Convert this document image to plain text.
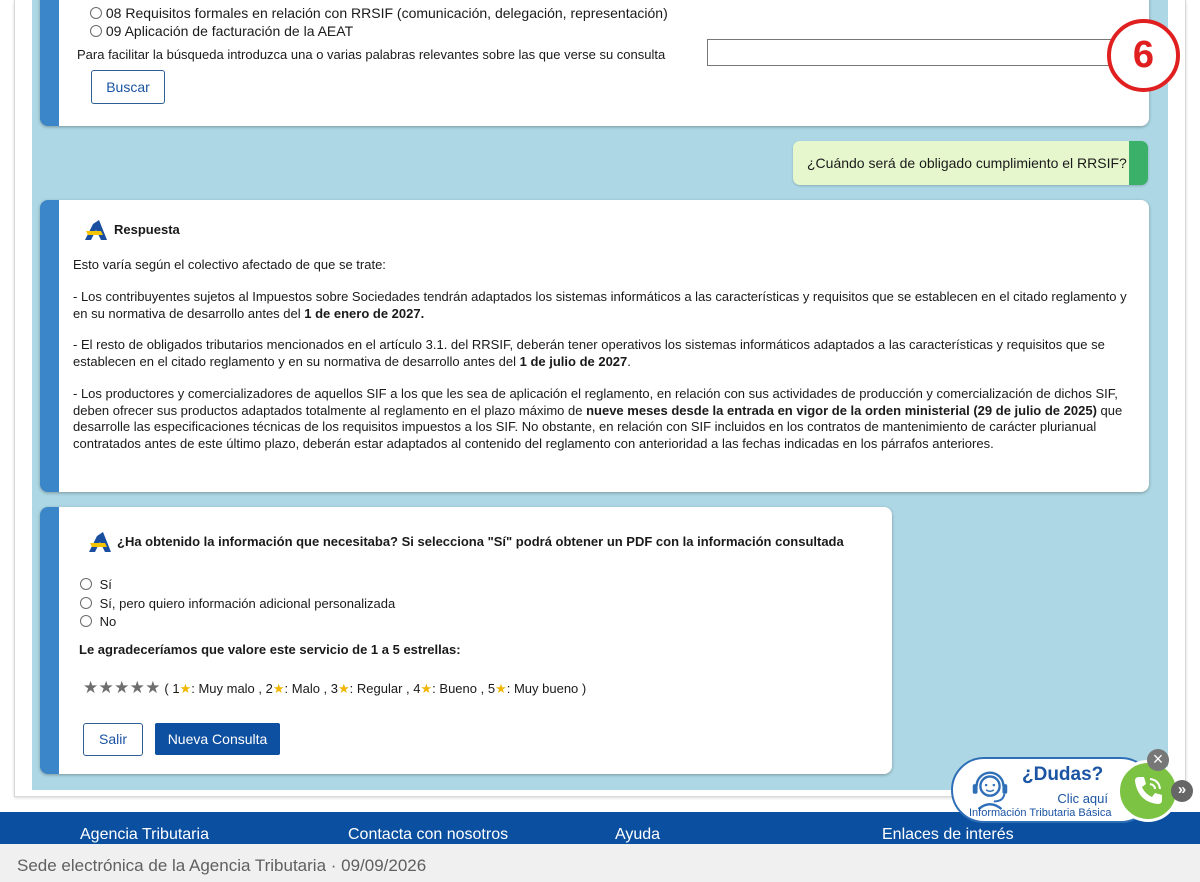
08 Requisitos formales en relación con RRSIF (comunicación, delegación, representación)
09 Aplicación de facturación de la AEAT
Para facilitar la búsqueda introduzca una o varias palabras relevantes sobre las que verse su consulta
Buscar
6
¿Cuándo será de obligado cumplimiento el RRSIF?
Respuesta
Esto varía según el colectivo afectado de que se trate:
- Los contribuyentes sujetos al Impuestos sobre Sociedades tendrán adaptados los sistemas informáticos a las características y requisitos que se establecen en el citado reglamento y en su normativa de desarrollo antes del 1 de enero de 2027.
- El resto de obligados tributarios mencionados en el artículo 3.1. del RRSIF, deberán tener operativos los sistemas informáticos adaptados a las características y requisitos que se establecen en el citado reglamento y en su normativa de desarrollo antes del 1 de julio de 2027.
- Los productores y comercializadores de aquellos SIF a los que les sea de aplicación el reglamento, en relación con sus actividades de producción y comercialización de dichos SIF, deben ofrecer sus productos adaptados totalmente al reglamento en el plazo máximo de nueve meses desde la entrada en vigor de la orden ministerial (29 de julio de 2025) que desarrolle las especificaciones técnicas de los requisitos impuestos a los SIF. No obstante, en relación con SIF incluidos en los contratos de mantenimiento de carácter plurianual contratados antes de este último plazo, deberán estar adaptados al contenido del reglamento con anterioridad a las fechas indicadas en los párrafos anteriores.
¿Ha obtenido la información que necesitaba? Si selecciona "Sí" podrá obtener un PDF con la información consultada
Sí
Sí, pero quiero información adicional personalizada
No
Le agradeceríamos que valore este servicio de 1 a 5 estrellas:
★★★★★ ( 1★: Muy malo , 2★: Malo , 3★: Regular , 4★: Bueno , 5★: Muy bueno )
Salir	Nueva Consulta
Agencia Tributaria	Contacta con nosotros	Ayuda	Enlaces de interés
¿Dudas?
Clic aquí
Información Tributaria Básica
×
»
Sede electrónica de la Agencia Tributaria · 09/09/2026
